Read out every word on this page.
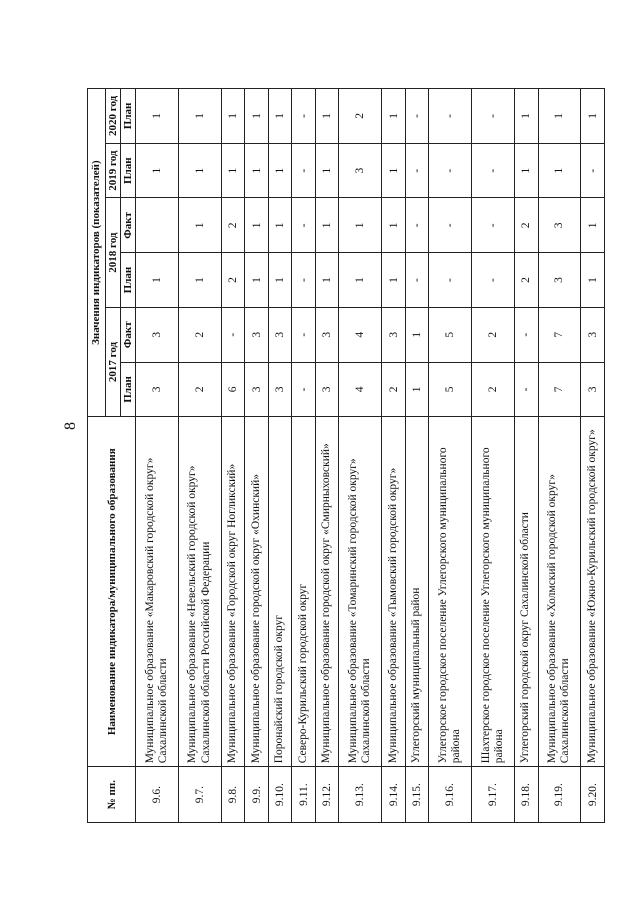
8
№ пп.	Наименование индикатора/муниципального образования	Значения индикаторов (показателей)					
		2017 год		2018 год		2019 год	2020 год
		План	Факт	План	Факт	План	План
9.6.	Муниципальное образование «Макаровский городской округ» Сахалинской области	3	3	1		1	1
9.7.	Муниципальное образование «Невельский городской округ» Сахалинской области Российской Федерации	2	2	1	1	1	1
9.8.	Муниципальное образование «Городской округ Ногликский»	6	-	2	2	1	1
9.9.	Муниципальное образование городской округ «Охинский»	3	3	1	1	1	1
9.10.	Поронайский городской округ	3	3	1	1	1	1
9.11.	Северо-Курильский городской округ	-	-	-	-	-	-
9.12.	Муниципальное образование городской округ «Смирныховский»	3	3	1	1	1	1
9.13.	Муниципальное образование «Томаринский городской округ» Сахалинской области	4	4	1	1	3	2
9.14.	Муниципальное образование «Тымовский городской округ»	2	3	1	1	1	1
9.15.	Углегорский муниципальный район	1	1	-	-	-	-
9.16.	Углегорское городское поселение Углегорского муниципального района	5	5	-	-	-	-
9.17.	Шахтерское городское поселение Углегорского муниципального района	2	2	-	-	-	-
9.18.	Углегорский городской округ Сахалинской области	-	-	2	2	1	1
9.19.	Муниципальное образование «Холмский городской округ» Сахалинской области	7	7	3	3	1	1
9.20.	Муниципальное образование «Южно-Курильский городской округ»	3	3	1	1	-	1
